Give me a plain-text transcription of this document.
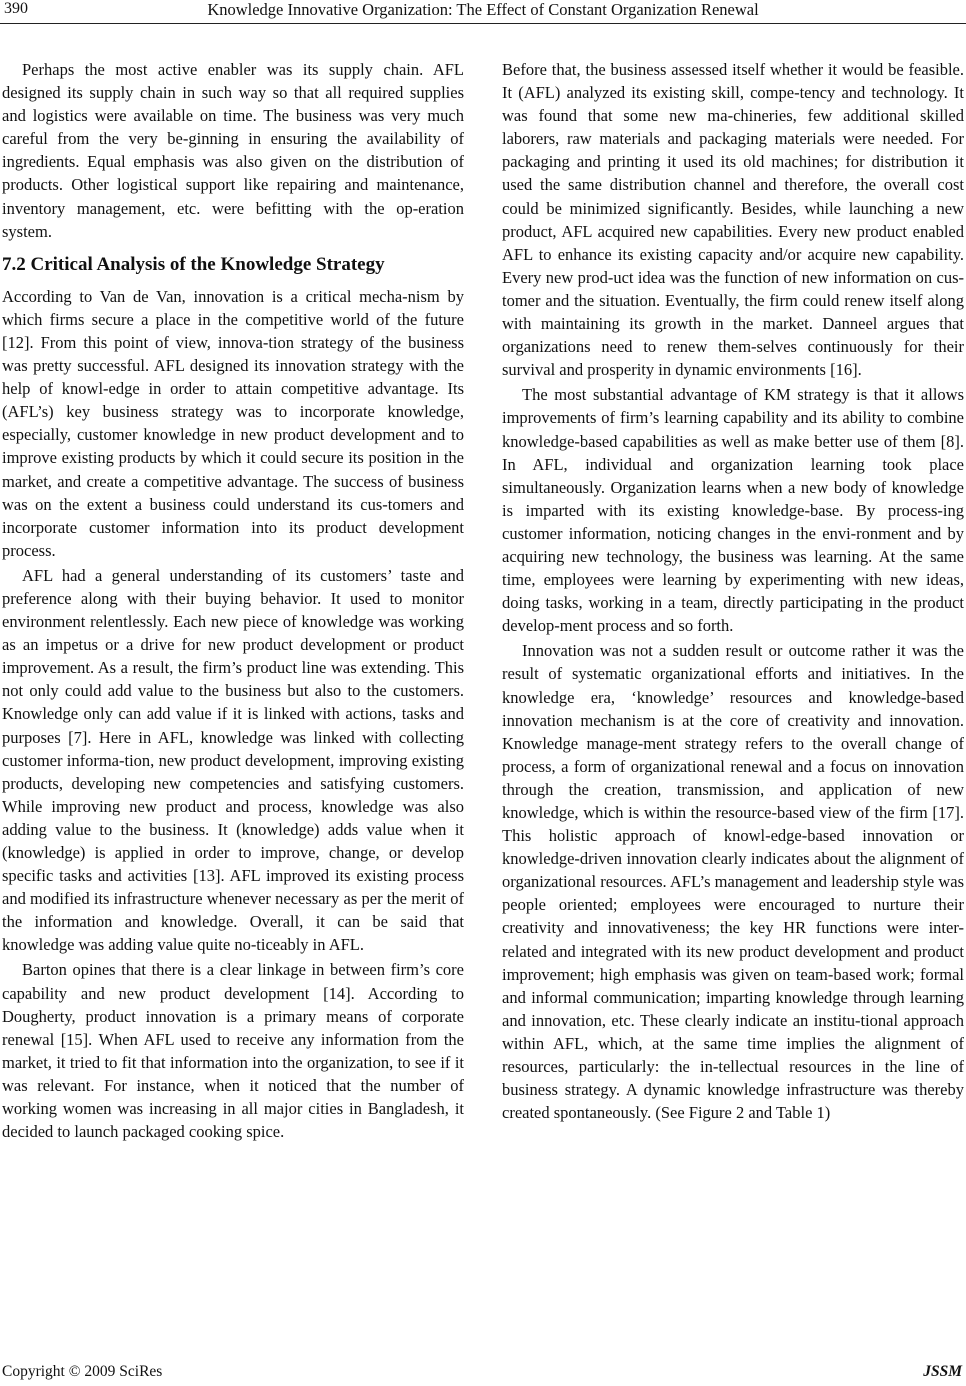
390	Knowledge Innovative Organization: The Effect of Constant Organization Renewal

Perhaps the most active enabler was its supply chain. AFL designed its supply chain in such way so that all required supplies and logistics were available on time. The business was very much careful from the very be-ginning in ensuring the availability of ingredients. Equal emphasis was also given on the distribution of products. Other logistical support like repairing and maintenance, inventory management, etc. were befitting with the op-eration system.

7.2 Critical Analysis of the Knowledge Strategy

According to Van de Van, innovation is a critical mecha-nism by which firms secure a place in the competitive world of the future [12]. From this point of view, innova-tion strategy of the business was pretty successful. AFL designed its innovation strategy with the help of knowl-edge in order to attain competitive advantage. Its (AFL’s) key business strategy was to incorporate knowledge, especially, customer knowledge in new product development and to improve existing products by which it could secure its position in the market, and create a competitive advantage. The success of business was on the extent a business could understand its cus-tomers and incorporate customer information into its product development process.

AFL had a general understanding of its customers’ taste and preference along with their buying behavior. It used to monitor environment relentlessly. Each new piece of knowledge was working as an impetus or a drive for new product development or product improvement. As a result, the firm’s product line was extending. This not only could add value to the business but also to the customers. Knowledge only can add value if it is linked with actions, tasks and purposes [7]. Here in AFL, knowledge was linked with collecting customer informa-tion, new product development, improving existing products, developing new competencies and satisfying customers. While improving new product and process, knowledge was also adding value to the business. It (knowledge) adds value when it (knowledge) is applied in order to improve, change, or develop specific tasks and activities [13]. AFL improved its existing process and modified its infrastructure whenever necessary as per the merit of the information and knowledge. Overall, it can be said that knowledge was adding value quite no-ticeably in AFL.

Barton opines that there is a clear linkage in between firm’s core capability and new product development [14]. According to Dougherty, product innovation is a primary means of corporate renewal [15]. When AFL used to receive any information from the market, it tried to fit that information into the organization, to see if it was relevant. For instance, when it noticed that the number of working women was increasing in all major cities in Bangladesh, it decided to launch packaged cooking spice.

Before that, the business assessed itself whether it would be feasible. It (AFL) analyzed its existing skill, compe-tency and technology. It was found that some new ma-chineries, few additional skilled laborers, raw materials and packaging materials were needed. For packaging and printing it used its old machines; for distribution it used the same distribution channel and therefore, the overall cost could be minimized significantly. Besides, while launching a new product, AFL acquired new capabilities. Every new product enabled AFL to enhance its existing capacity and/or acquire new capability. Every new prod-uct idea was the function of new information on cus-tomer and the situation. Eventually, the firm could renew itself along with maintaining its growth in the market. Danneel argues that organizations need to renew them-selves continuously for their survival and prosperity in dynamic environments [16].

The most substantial advantage of KM strategy is that it allows improvements of firm’s learning capability and its ability to combine knowledge-based capabilities as well as make better use of them [8]. In AFL, individual and organization learning took place simultaneously. Organization learns when a new body of knowledge is imparted with its existing knowledge-base. By process-ing customer information, noticing changes in the envi-ronment and by acquiring new technology, the business was learning. At the same time, employees were learning by experimenting with new ideas, doing tasks, working in a team, directly participating in the product develop-ment process and so forth.

Innovation was not a sudden result or outcome rather it was the result of systematic organizational efforts and initiatives. In the knowledge era, ‘knowledge’ resources and knowledge-based innovation mechanism is at the core of creativity and innovation. Knowledge manage-ment strategy refers to the overall change of process, a form of organizational renewal and a focus on innovation through the creation, transmission, and application of new knowledge, which is within the resource-based view of the firm [17]. This holistic approach of knowl-edge-based innovation or knowledge-driven innovation clearly indicates about the alignment of organizational resources. AFL’s management and leadership style was people oriented; employees were encouraged to nurture their creativity and innovativeness; the key HR functions were inter-related and integrated with its new product development and product improvement; high emphasis was given on team-based work; formal and informal communication; imparting knowledge through learning and innovation, etc. These clearly indicate an institu-tional approach within AFL, which, at the same time implies the alignment of resources, particularly: the in-tellectual resources in the line of business strategy. A dynamic knowledge infrastructure was thereby created spontaneously. (See Figure 2 and Table 1)

Copyright © 2009 SciRes	JSSM
